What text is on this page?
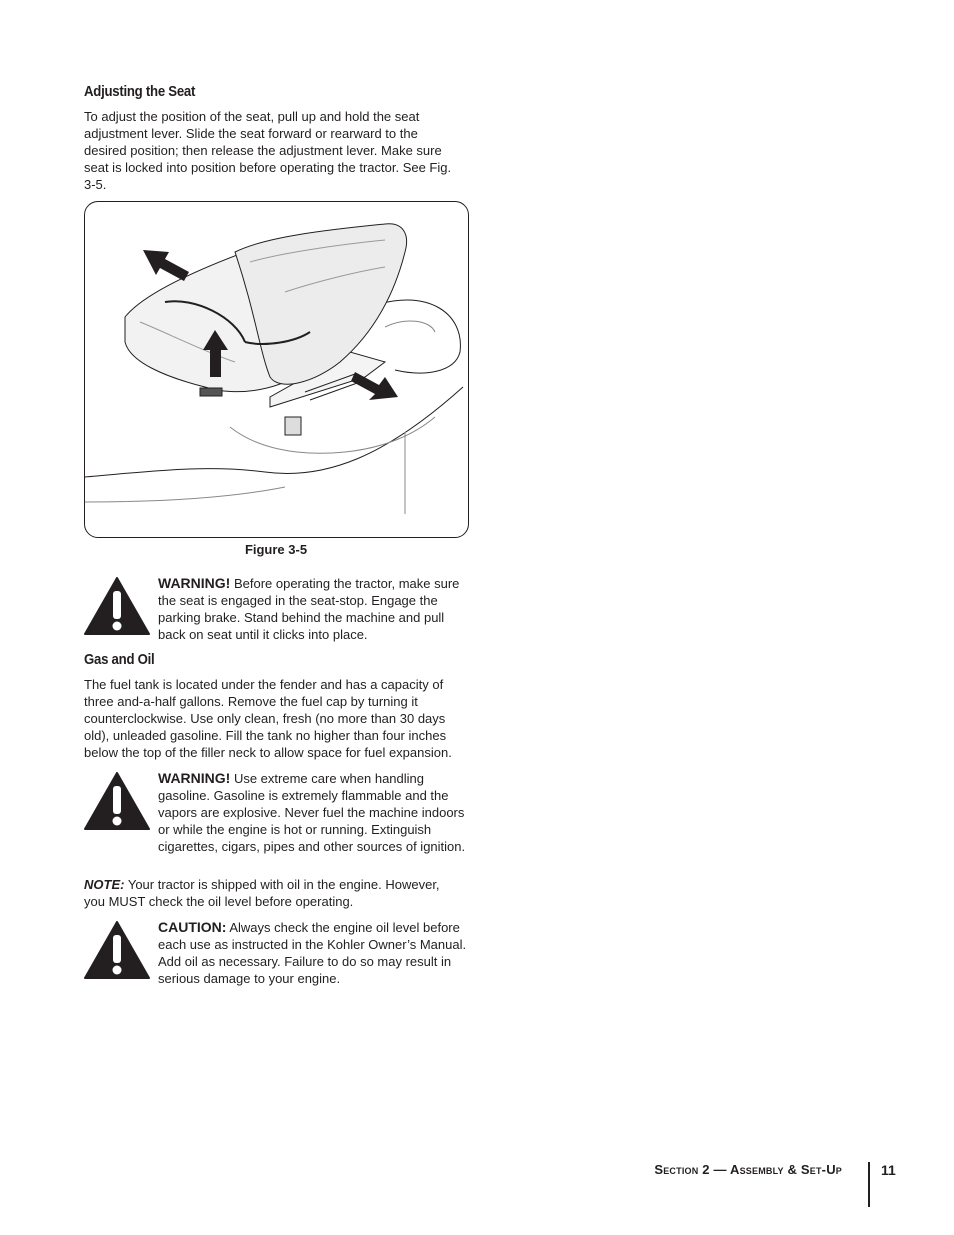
Adjusting the Seat

To adjust the position of the seat, pull up and hold the seat adjustment lever. Slide the seat forward or rearward to the desired position; then release the adjustment lever. Make sure seat is locked into position before operating the tractor. See Fig. 3-5.

Figure 3-5
WARNING! Before operating the tractor, make sure the seat is engaged in the seat-stop. Engage the parking brake. Stand behind the machine and pull back on seat until it clicks into place.
Gas and Oil

The fuel tank is located under the fender and has a capacity of three and-a-half gallons. Remove the fuel cap by turning it counterclockwise. Use only clean, fresh (no more than 30 days old), unleaded gasoline. Fill the tank no higher than four inches below the top of the filler neck to allow space for fuel expansion.

WARNING! Use extreme care when handling gasoline. Gasoline is extremely flammable and the vapors are explosive. Never fuel the machine indoors or while the engine is hot or running. Extinguish cigarettes, cigars, pipes and other sources of ignition.

NOTE: Your tractor is shipped with oil in the engine. However, you MUST check the oil level before operating.

CAUTION: Always check the engine oil level before each use as instructed in the Kohler Owner’s Manual. Add oil as necessary. Failure to do so may result in serious damage to your engine.
Section 2 — Assembly & Set-Up	11
